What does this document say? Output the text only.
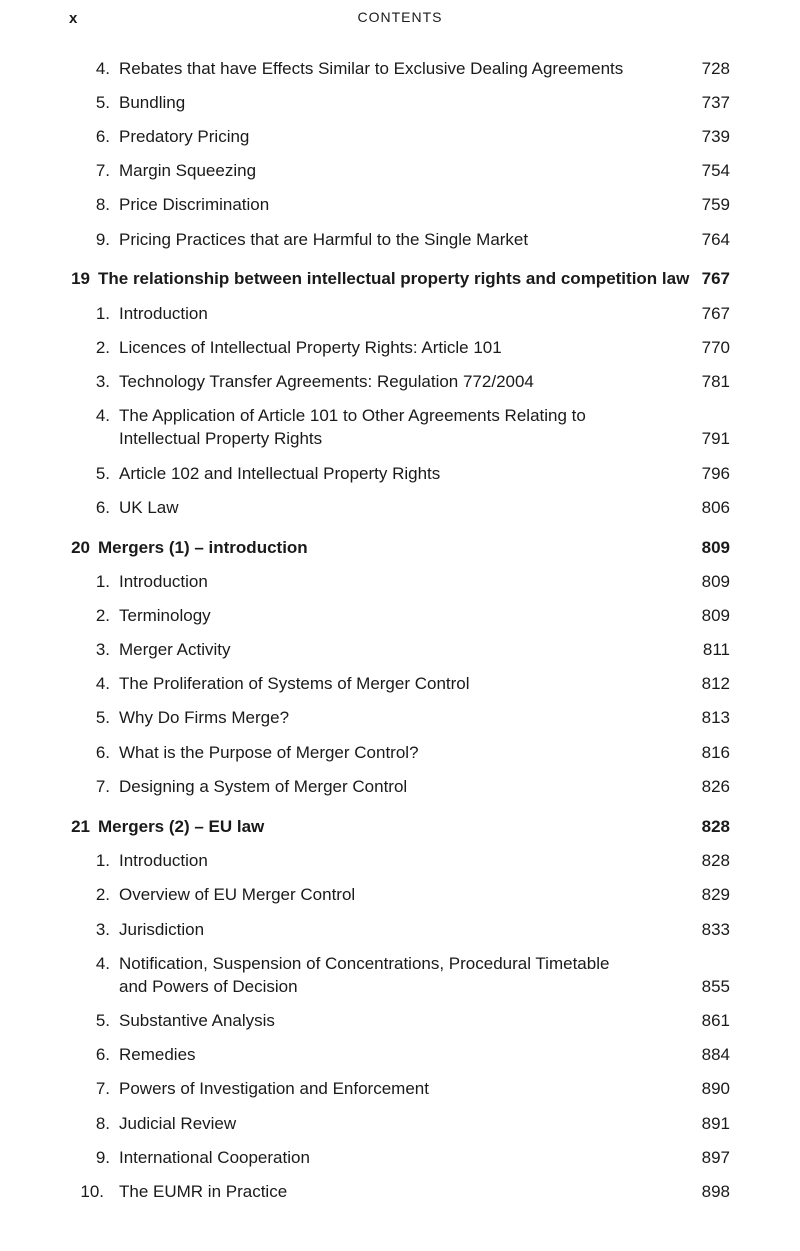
x	CONTENTS
4. Rebates that have Effects Similar to Exclusive Dealing Agreements	728
5. Bundling	737
6. Predatory Pricing	739
7. Margin Squeezing	754
8. Price Discrimination	759
9. Pricing Practices that are Harmful to the Single Market	764
19 The relationship between intellectual property rights and competition law 767
1. Introduction	767
2. Licences of Intellectual Property Rights: Article 101	770
3. Technology Transfer Agreements: Regulation 772/2004	781
4. The Application of Article 101 to Other Agreements Relating to
Intellectual Property Rights	791
5. Article 102 and Intellectual Property Rights	796
6. UK Law	806
20 Mergers (1) – introduction	809
1. Introduction	809
2. Terminology	809
3. Merger Activity	811
4. The Proliferation of Systems of Merger Control	812
5. Why Do Firms Merge?	813
6. What is the Purpose of Merger Control?	816
7. Designing a System of Merger Control	826
21 Mergers (2) – EU law	828
1. Introduction	828
2. Overview of EU Merger Control	829
3. Jurisdiction	833
4. Notification, Suspension of Concentrations, Procedural Timetable
and Powers of Decision	855
5. Substantive Analysis	861
6. Remedies	884
7. Powers of Investigation and Enforcement	890
8. Judicial Review	891
9. International Cooperation	897
10. The EUMR in Practice	898
